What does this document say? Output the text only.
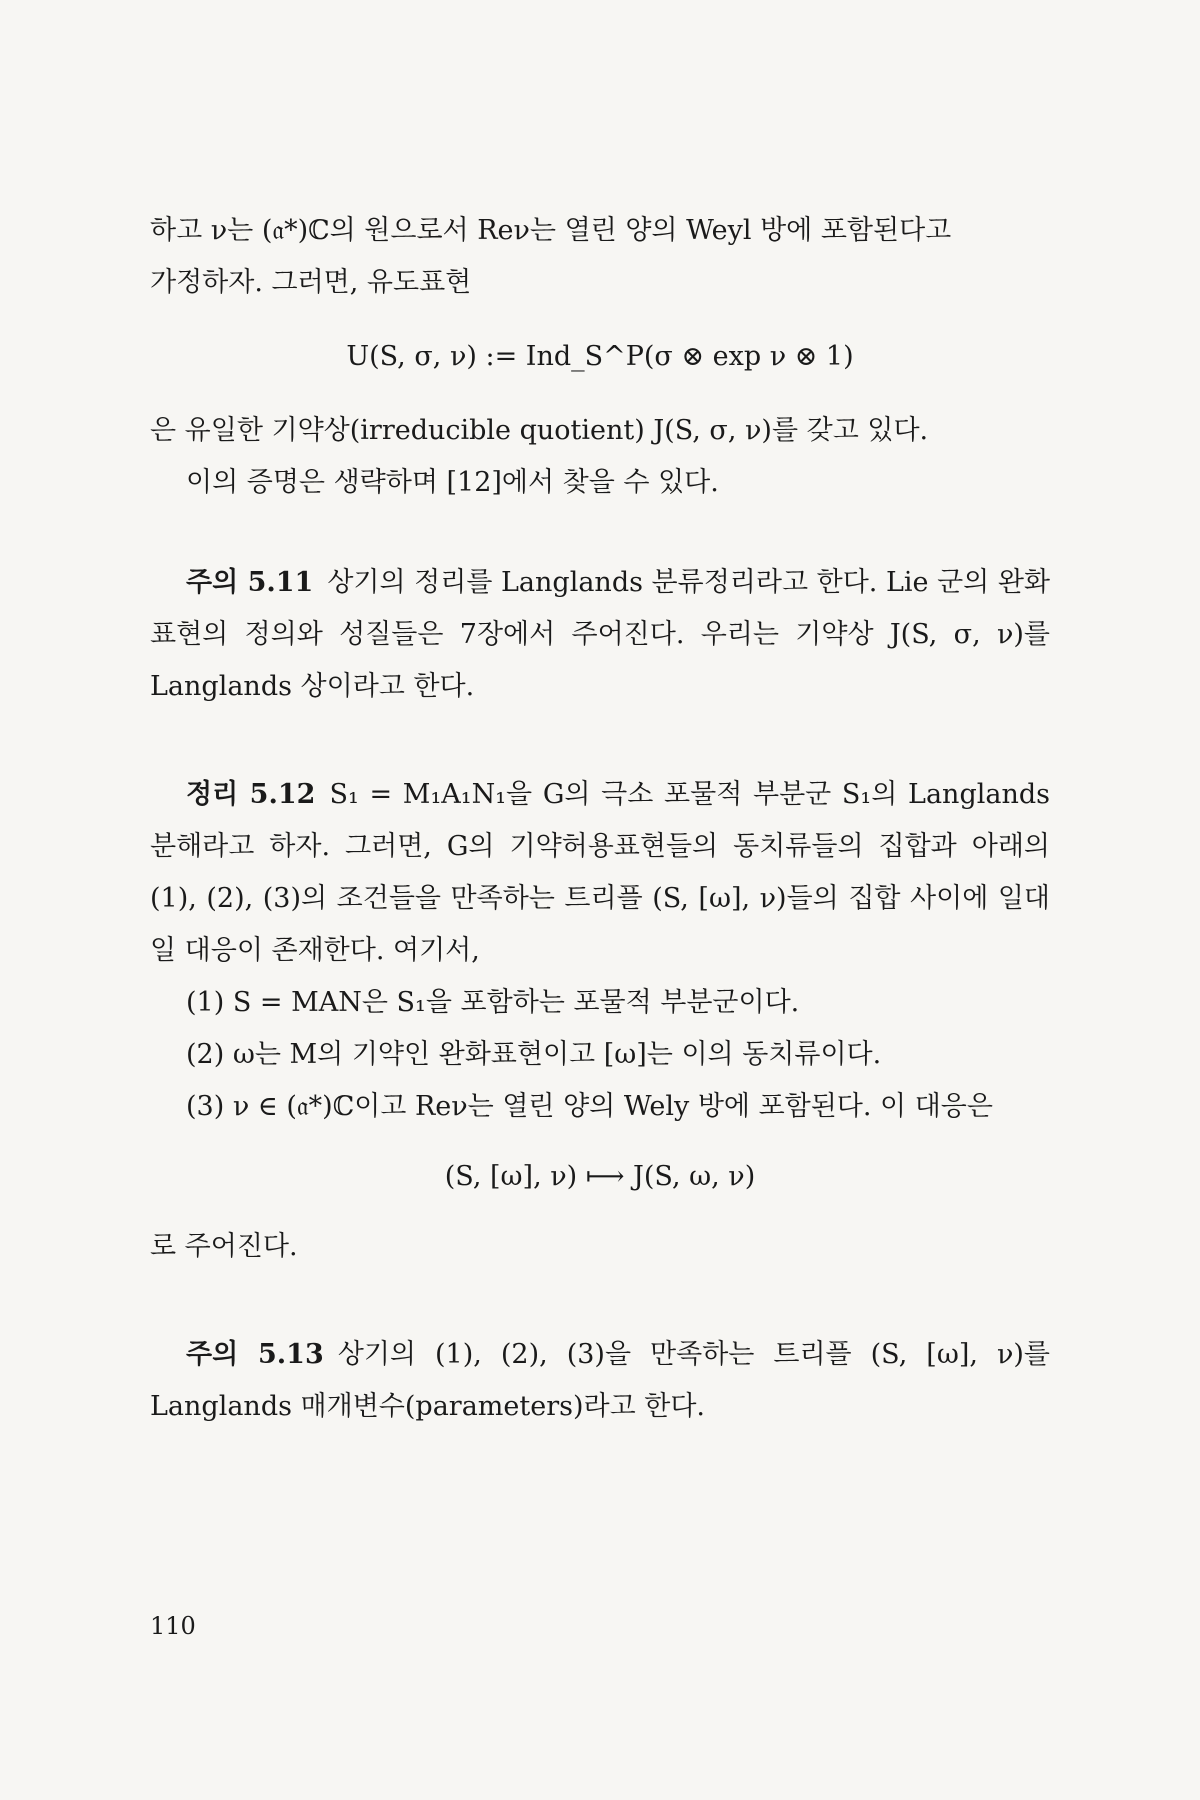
하고 ν는 (𝔞*)ℂ의 원으로서 Reν는 열린 양의 Weyl 방에 포함된다고

가정하자. 그러면, 유도표현

U(S, σ, ν) := Ind_S^P(σ ⊗ exp ν ⊗ 1)

은 유일한 기약상(irreducible quotient) J(S, σ, ν)를 갖고 있다.

이의 증명은 생략하며 [12]에서 찾을 수 있다.

주의 5.11 상기의 정리를 Langlands 분류정리라고 한다. Lie 군의 완화표현의 정의와 성질들은 7장에서 주어진다. 우리는 기약상 J(S, σ, ν)를 Langlands 상이라고 한다.

정리 5.12 S₁ = M₁A₁N₁을 G의 극소 포물적 부분군 S₁의 Langlands 분해라고 하자. 그러면, G의 기약허용표현들의 동치류들의 집합과 아래의 (1), (2), (3)의 조건들을 만족하는 트리플 (S, [ω], ν)들의 집합 사이에 일대일 대응이 존재한다. 여기서,

(1) S = MAN은 S₁을 포함하는 포물적 부분군이다.

(2) ω는 M의 기약인 완화표현이고 [ω]는 이의 동치류이다.

(3) ν ∈ (𝔞*)ℂ이고 Reν는 열린 양의 Wely 방에 포함된다. 이 대응은

(S, [ω], ν) ⟼ J(S, ω, ν)

로 주어진다.

주의 5.13 상기의 (1), (2), (3)을 만족하는 트리플 (S, [ω], ν)를 Langlands 매개변수(parameters)라고 한다.

110
